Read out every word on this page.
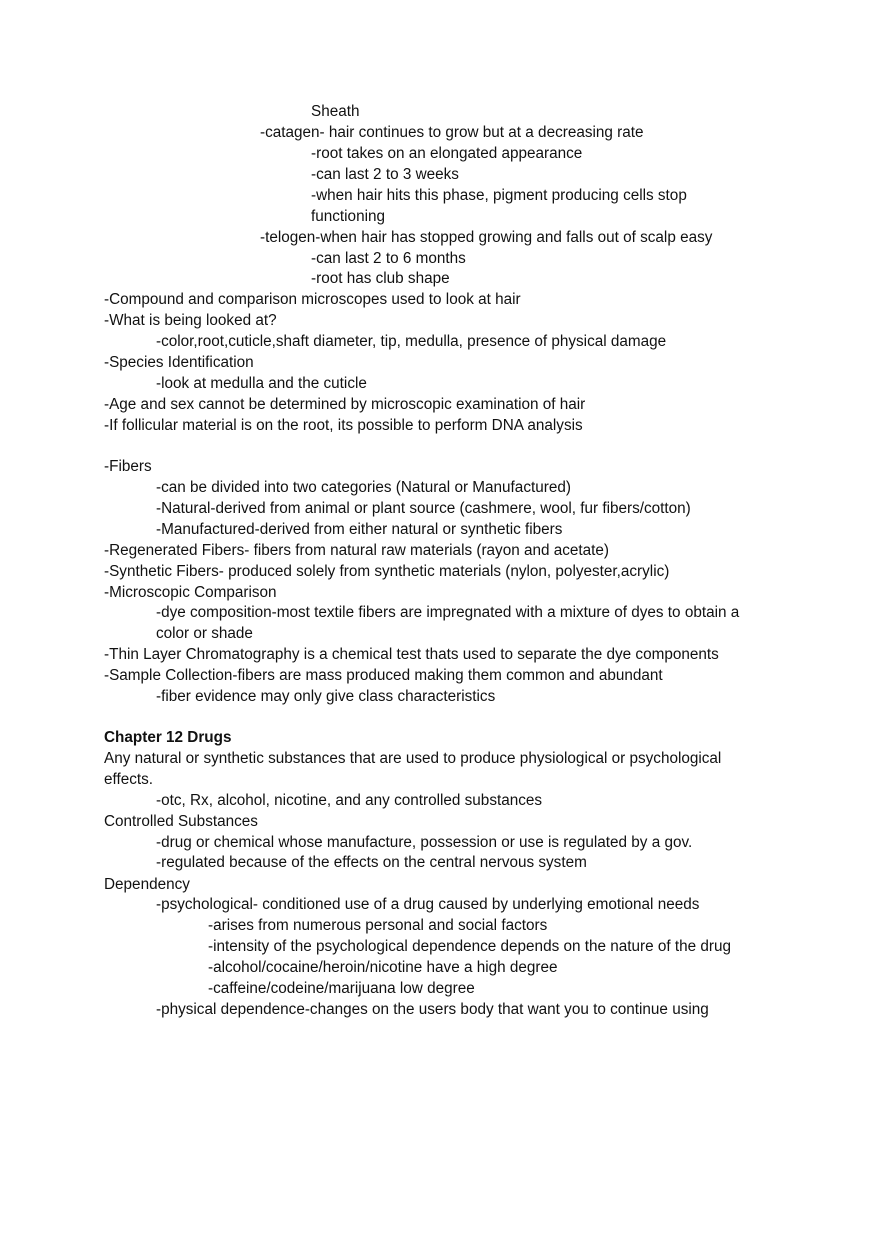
Sheath
-catagen- hair continues to grow but at a decreasing rate
-root takes on an elongated appearance
-can last 2 to 3 weeks
-when hair hits this phase, pigment producing cells stop
functioning
-telogen-when hair has stopped growing and falls out of scalp easy
-can last 2 to 6 months
-root has club shape
-Compound and comparison microscopes used to look at hair
-What is being looked at?
-color,root,cuticle,shaft diameter, tip, medulla, presence of physical damage
-Species Identification
-look at medulla and the cuticle
-Age and sex cannot be determined by microscopic examination of hair
-If follicular material is on the root, its possible to perform DNA analysis
-Fibers
-can be divided into two categories (Natural or Manufactured)
-Natural-derived from animal or plant source (cashmere, wool, fur fibers/cotton)
-Manufactured-derived from either natural or synthetic fibers
-Regenerated Fibers- fibers from natural raw materials (rayon and acetate)
-Synthetic Fibers- produced solely from synthetic materials (nylon, polyester,acrylic)
-Microscopic Comparison
-dye composition-most textile fibers are impregnated with a mixture of dyes to obtain a
color or shade
-Thin Layer Chromatography is a chemical test thats used to separate the dye components
-Sample Collection-fibers are mass produced making them common and abundant
-fiber evidence may only give class characteristics
Chapter 12 Drugs
Any natural or synthetic substances that are used to produce physiological or psychological
effects.
-otc, Rx, alcohol, nicotine, and any controlled substances
Controlled Substances
-drug or chemical whose manufacture, possession or use is regulated by a gov.
-regulated because of the effects on the central nervous system
Dependency
-psychological- conditioned use of a drug caused by underlying emotional needs
-arises from numerous personal and social factors
-intensity of the psychological dependence depends on the nature of the drug
-alcohol/cocaine/heroin/nicotine have a high degree
-caffeine/codeine/marijuana low degree
-physical dependence-changes on the users body that want you to continue using
